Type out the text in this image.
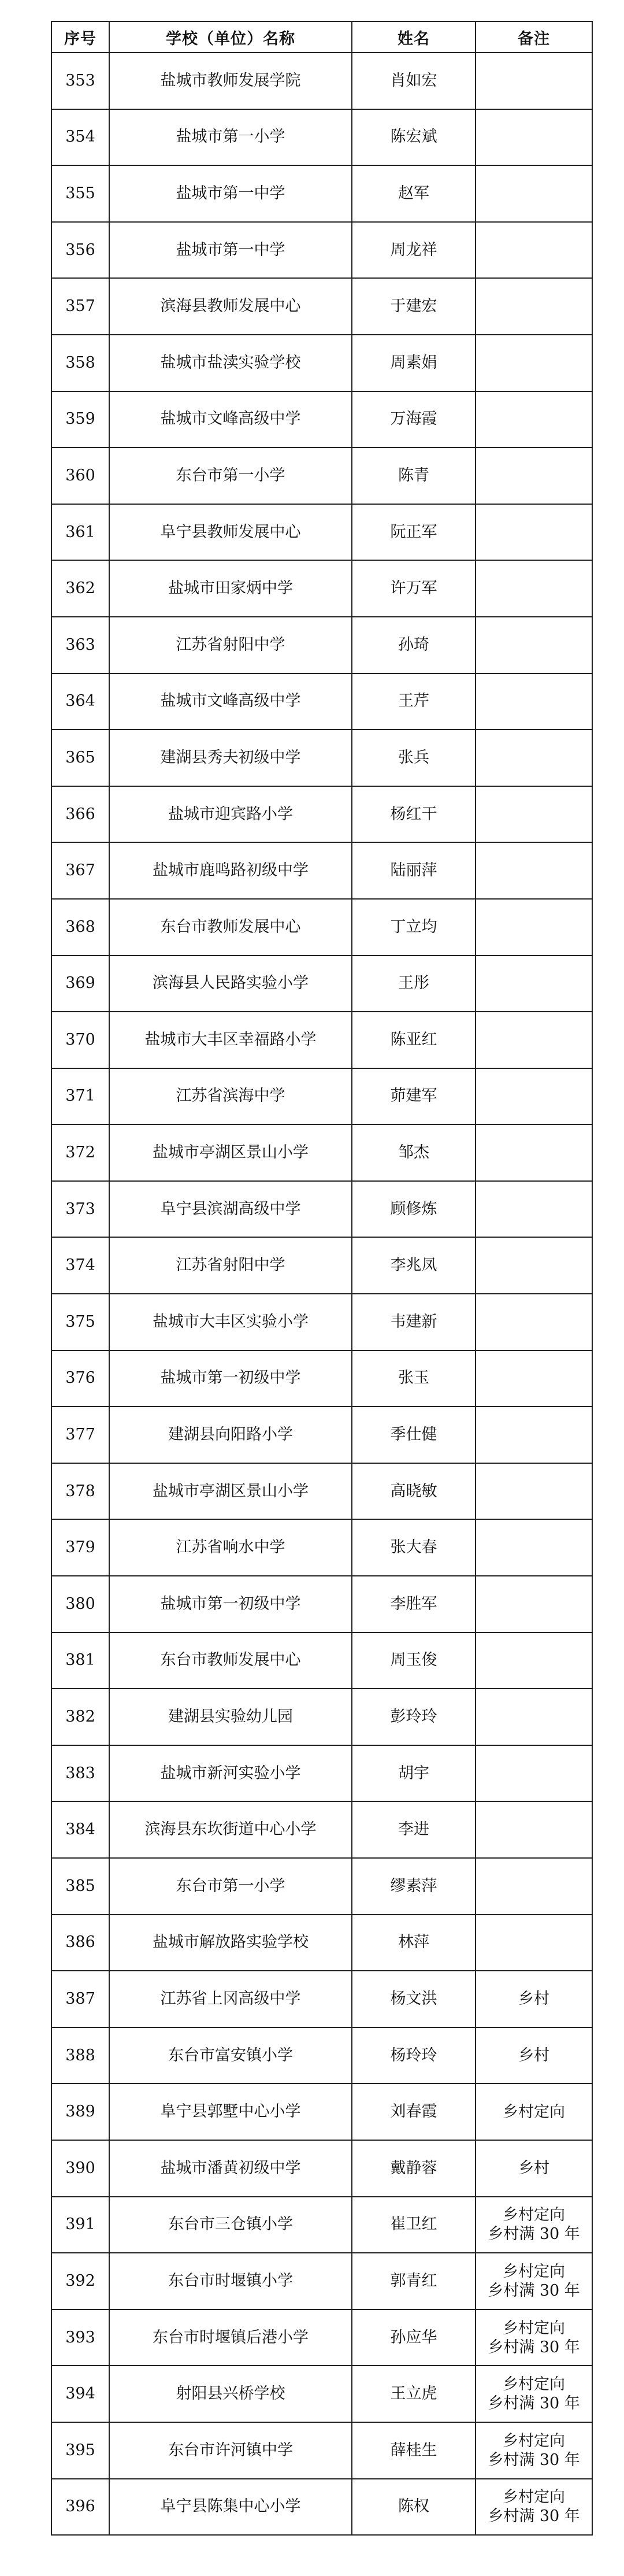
序号	学校（单位）名称	姓名	备注
353	盐城市教师发展学院	肖如宏	
354	盐城市第一小学	陈宏斌	
355	盐城市第一中学	赵军	
356	盐城市第一中学	周龙祥	
357	滨海县教师发展中心	于建宏	
358	盐城市盐渎实验学校	周素娟	
359	盐城市文峰高级中学	万海霞	
360	东台市第一小学	陈青	
361	阜宁县教师发展中心	阮正军	
362	盐城市田家炳中学	许万军	
363	江苏省射阳中学	孙琦	
364	盐城市文峰高级中学	王芹	
365	建湖县秀夫初级中学	张兵	
366	盐城市迎宾路小学	杨红干	
367	盐城市鹿鸣路初级中学	陆丽萍	
368	东台市教师发展中心	丁立均	
369	滨海县人民路实验小学	王彤	
370	盐城市大丰区幸福路小学	陈亚红	
371	江苏省滨海中学	茆建军	
372	盐城市亭湖区景山小学	邹杰	
373	阜宁县滨湖高级中学	顾修炼	
374	江苏省射阳中学	李兆凤	
375	盐城市大丰区实验小学	韦建新	
376	盐城市第一初级中学	张玉	
377	建湖县向阳路小学	季仕健	
378	盐城市亭湖区景山小学	高晓敏	
379	江苏省响水中学	张大春	
380	盐城市第一初级中学	李胜军	
381	东台市教师发展中心	周玉俊	
382	建湖县实验幼儿园	彭玲玲	
383	盐城市新河实验小学	胡宇	
384	滨海县东坎街道中心小学	李进	
385	东台市第一小学	缪素萍	
386	盐城市解放路实验学校	林萍	
387	江苏省上冈高级中学	杨文洪	乡村

388	东台市富安镇小学	杨玲玲	乡村

389	阜宁县郭墅中心小学	刘春霞	乡村定向

390	盐城市潘黄初级中学	戴静蓉	乡村

391	东台市三仓镇小学	崔卫红	乡村定向
乡村满 30 年

392	东台市时堰镇小学	郭青红	乡村定向
乡村满 30 年

393	东台市时堰镇后港小学	孙应华	乡村定向
乡村满 30 年

394	射阳县兴桥学校	王立虎	乡村定向
乡村满 30 年

395	东台市许河镇中学	薛桂生	乡村定向
乡村满 30 年

396	阜宁县陈集中心小学	陈权	乡村定向
乡村满 30 年
